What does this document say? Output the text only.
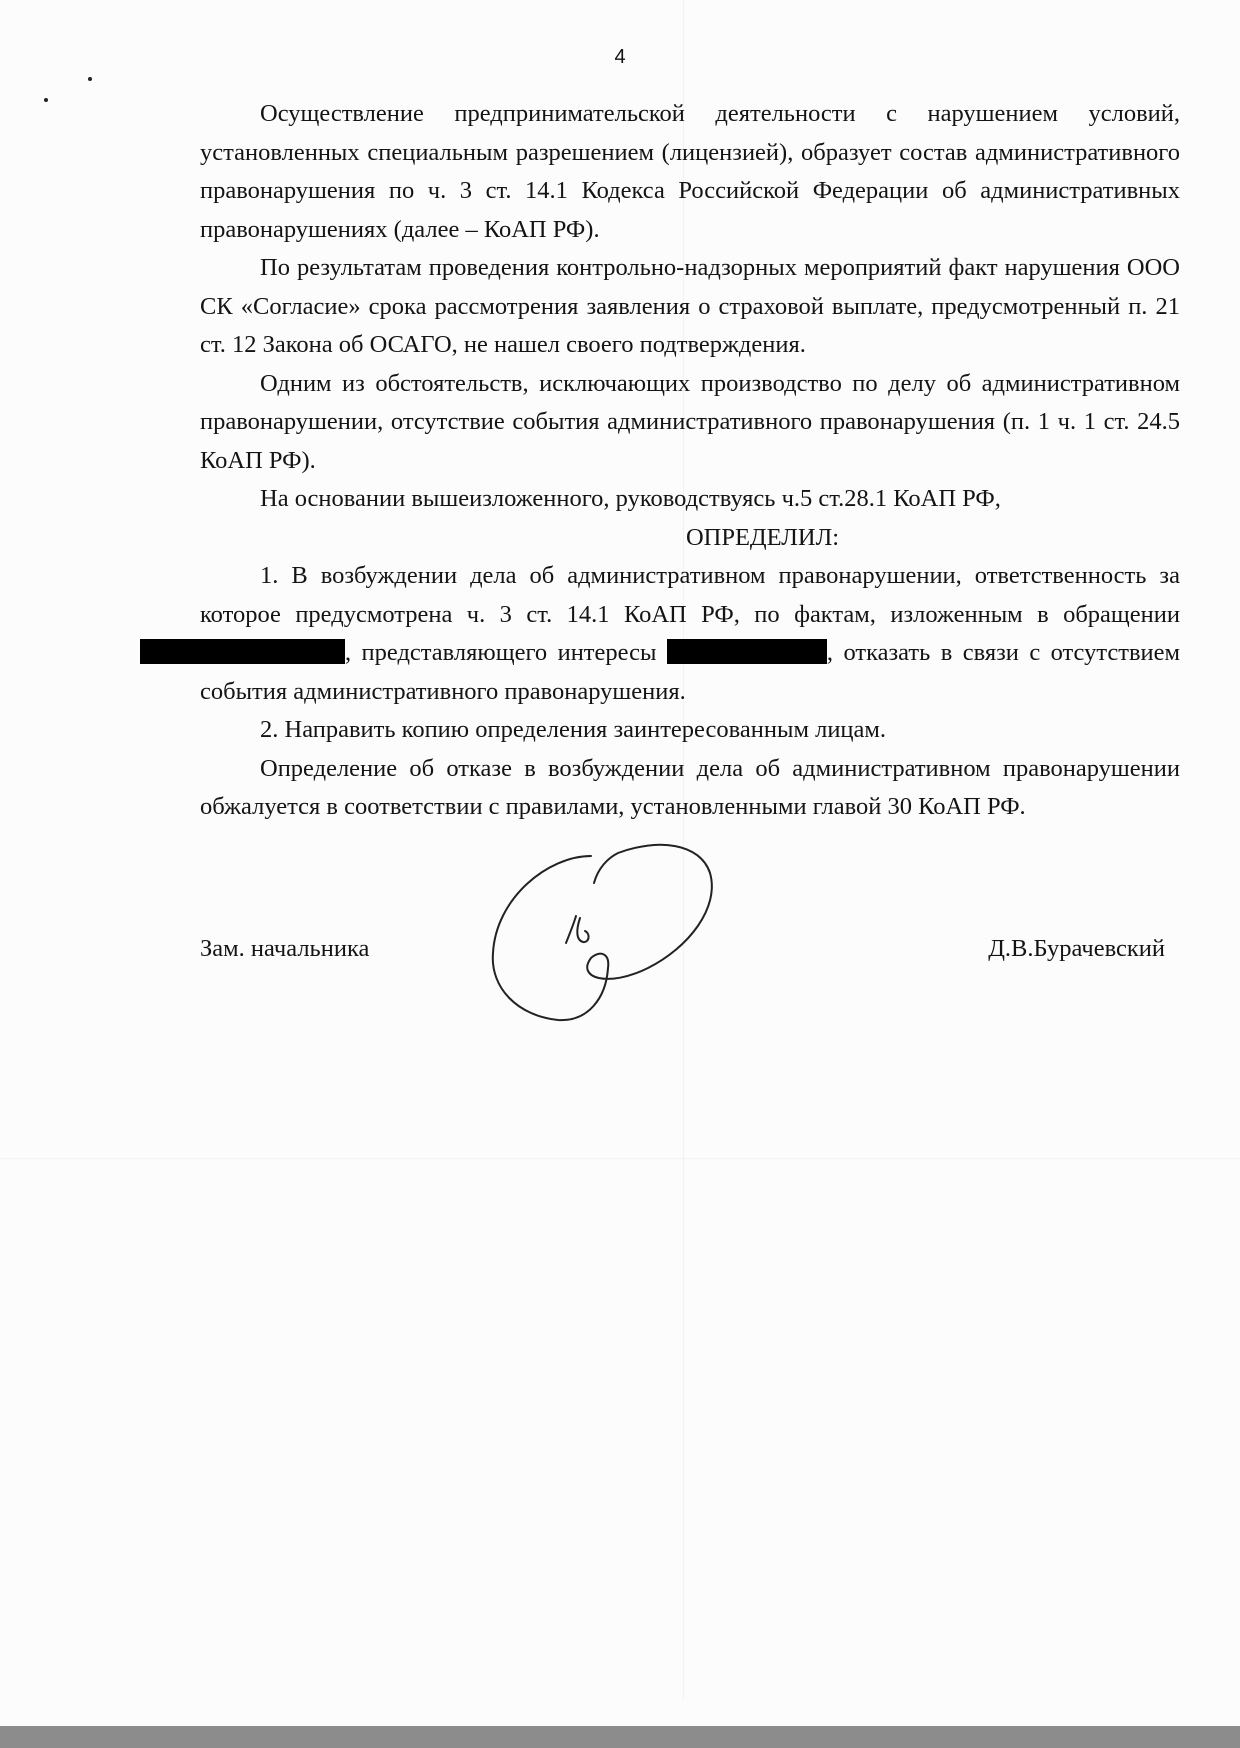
4

Осуществление предпринимательской деятельности с нарушением условий, установленных специальным разрешением (лицензией), образует состав административного правонарушения по ч. 3 ст. 14.1 Кодекса Российской Федерации об административных правонарушениях (далее – КоАП РФ).

По результатам проведения контрольно-надзорных мероприятий факт нарушения ООО СК «Согласие» срока рассмотрения заявления о страховой выплате, предусмотренный п. 21 ст. 12 Закона об ОСАГО, не нашел своего подтверждения.

Одним из обстоятельств, исключающих производство по делу об административном правонарушении, отсутствие события административного правонарушения (п. 1 ч. 1 ст. 24.5 КоАП РФ).

На основании вышеизложенного, руководствуясь ч.5 ст.28.1 КоАП РФ,

ОПРЕДЕЛИЛ:

1. В возбуждении дела об административном правонарушении, ответственность за которое предусмотрена ч. 3 ст. 14.1 КоАП РФ, по фактам, изложенным в обращении , представляющего интересы	, отказать в связи с отсутствием события административного правонарушения.

2. Направить копию определения заинтересованным лицам.

Определение об отказе в возбуждении дела об административном правонарушении обжалуется в соответствии с правилами, установленными главой 30 КоАП РФ.

Зам. начальника	Д.В.Бурачевский
